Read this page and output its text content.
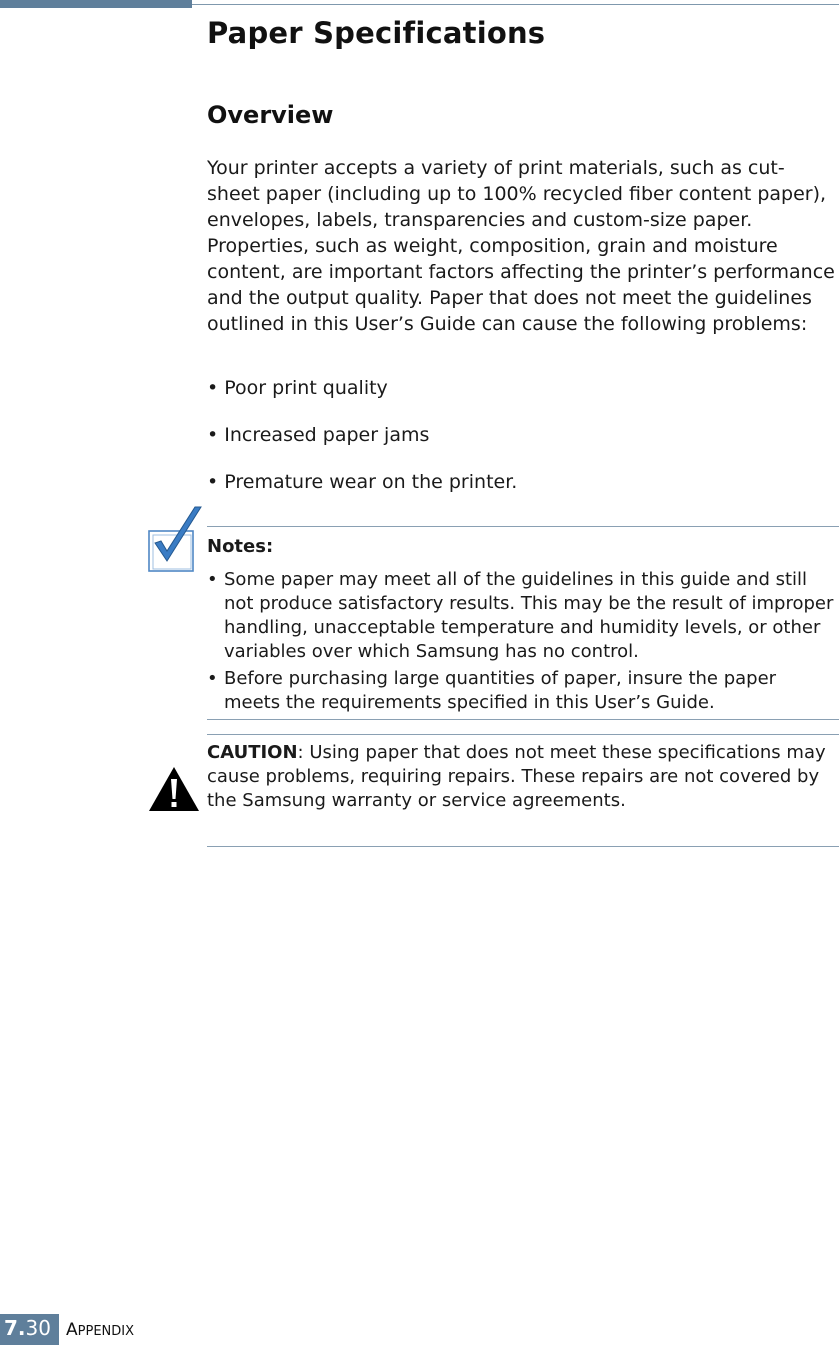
Paper Specifications
Overview

Your printer accepts a variety of print materials, such as cut-sheet paper (including up to 100% recycled fiber content paper), envelopes, labels, transparencies and custom-size paper. Properties, such as weight, composition, grain and moisture content, are important factors affecting the printer’s performance and the output quality. Paper that does not meet the guidelines outlined in this User’s Guide can cause the following problems:

• Poor print quality

• Increased paper jams

• Premature wear on the printer.

Notes:

• Some paper may meet all of the guidelines in this guide and still not produce satisfactory results. This may be the result of improper handling, unacceptable temperature and humidity levels, or other variables over which Samsung has no control.
• Before purchasing large quantities of paper, insure the paper meets the requirements specified in this User’s Guide.

CAUTION: Using paper that does not meet these specifications may cause problems, requiring repairs. These repairs are not covered by the Samsung warranty or service agreements.

7.30 APPENDIX
